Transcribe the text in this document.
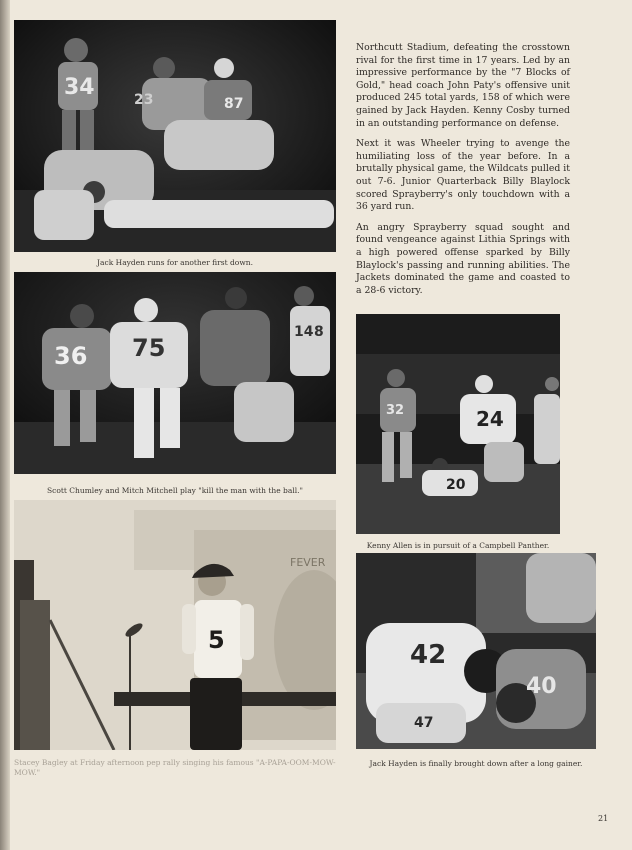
34
87
23
Jack Hayden runs for another first down.
36 75
14 8
Scott Chumley and Mitch Mitchell play "kill the man with the ball."
5
FEVER
Stacey Bagley at Friday afternoon pep rally singing his famous "A-PAPA-OOM-MOW-MOW."

Northcutt Stadium, defeating the crosstown rival for the first time in 17 years. Led by an impressive performance by the "7 Blocks of Gold," head coach John Paty's offensive unit produced 245 total yards, 158 of which were gained by Jack Hayden. Kenny Cosby turned in an outstanding performance on defense.

Next it was Wheeler trying to avenge the humiliating loss of the year before. In a brutally physical game, the Wildcats pulled it out 7-6. Junior Quarterback Billy Blaylock scored Sprayberry's only touchdown with a 36 yard run.

An angry Sprayberry squad sought and found vengeance against Lithia Springs with a high powered offense sparked by Billy Blaylock's passing and running abilities. The Jackets dominated the game and coasted to a 28-6 victory.

32	24
20
Kenny Allen is in pursuit of a Campbell Panther.
42
40
47
Jack Hayden is finally brought down after a long gainer.
21
